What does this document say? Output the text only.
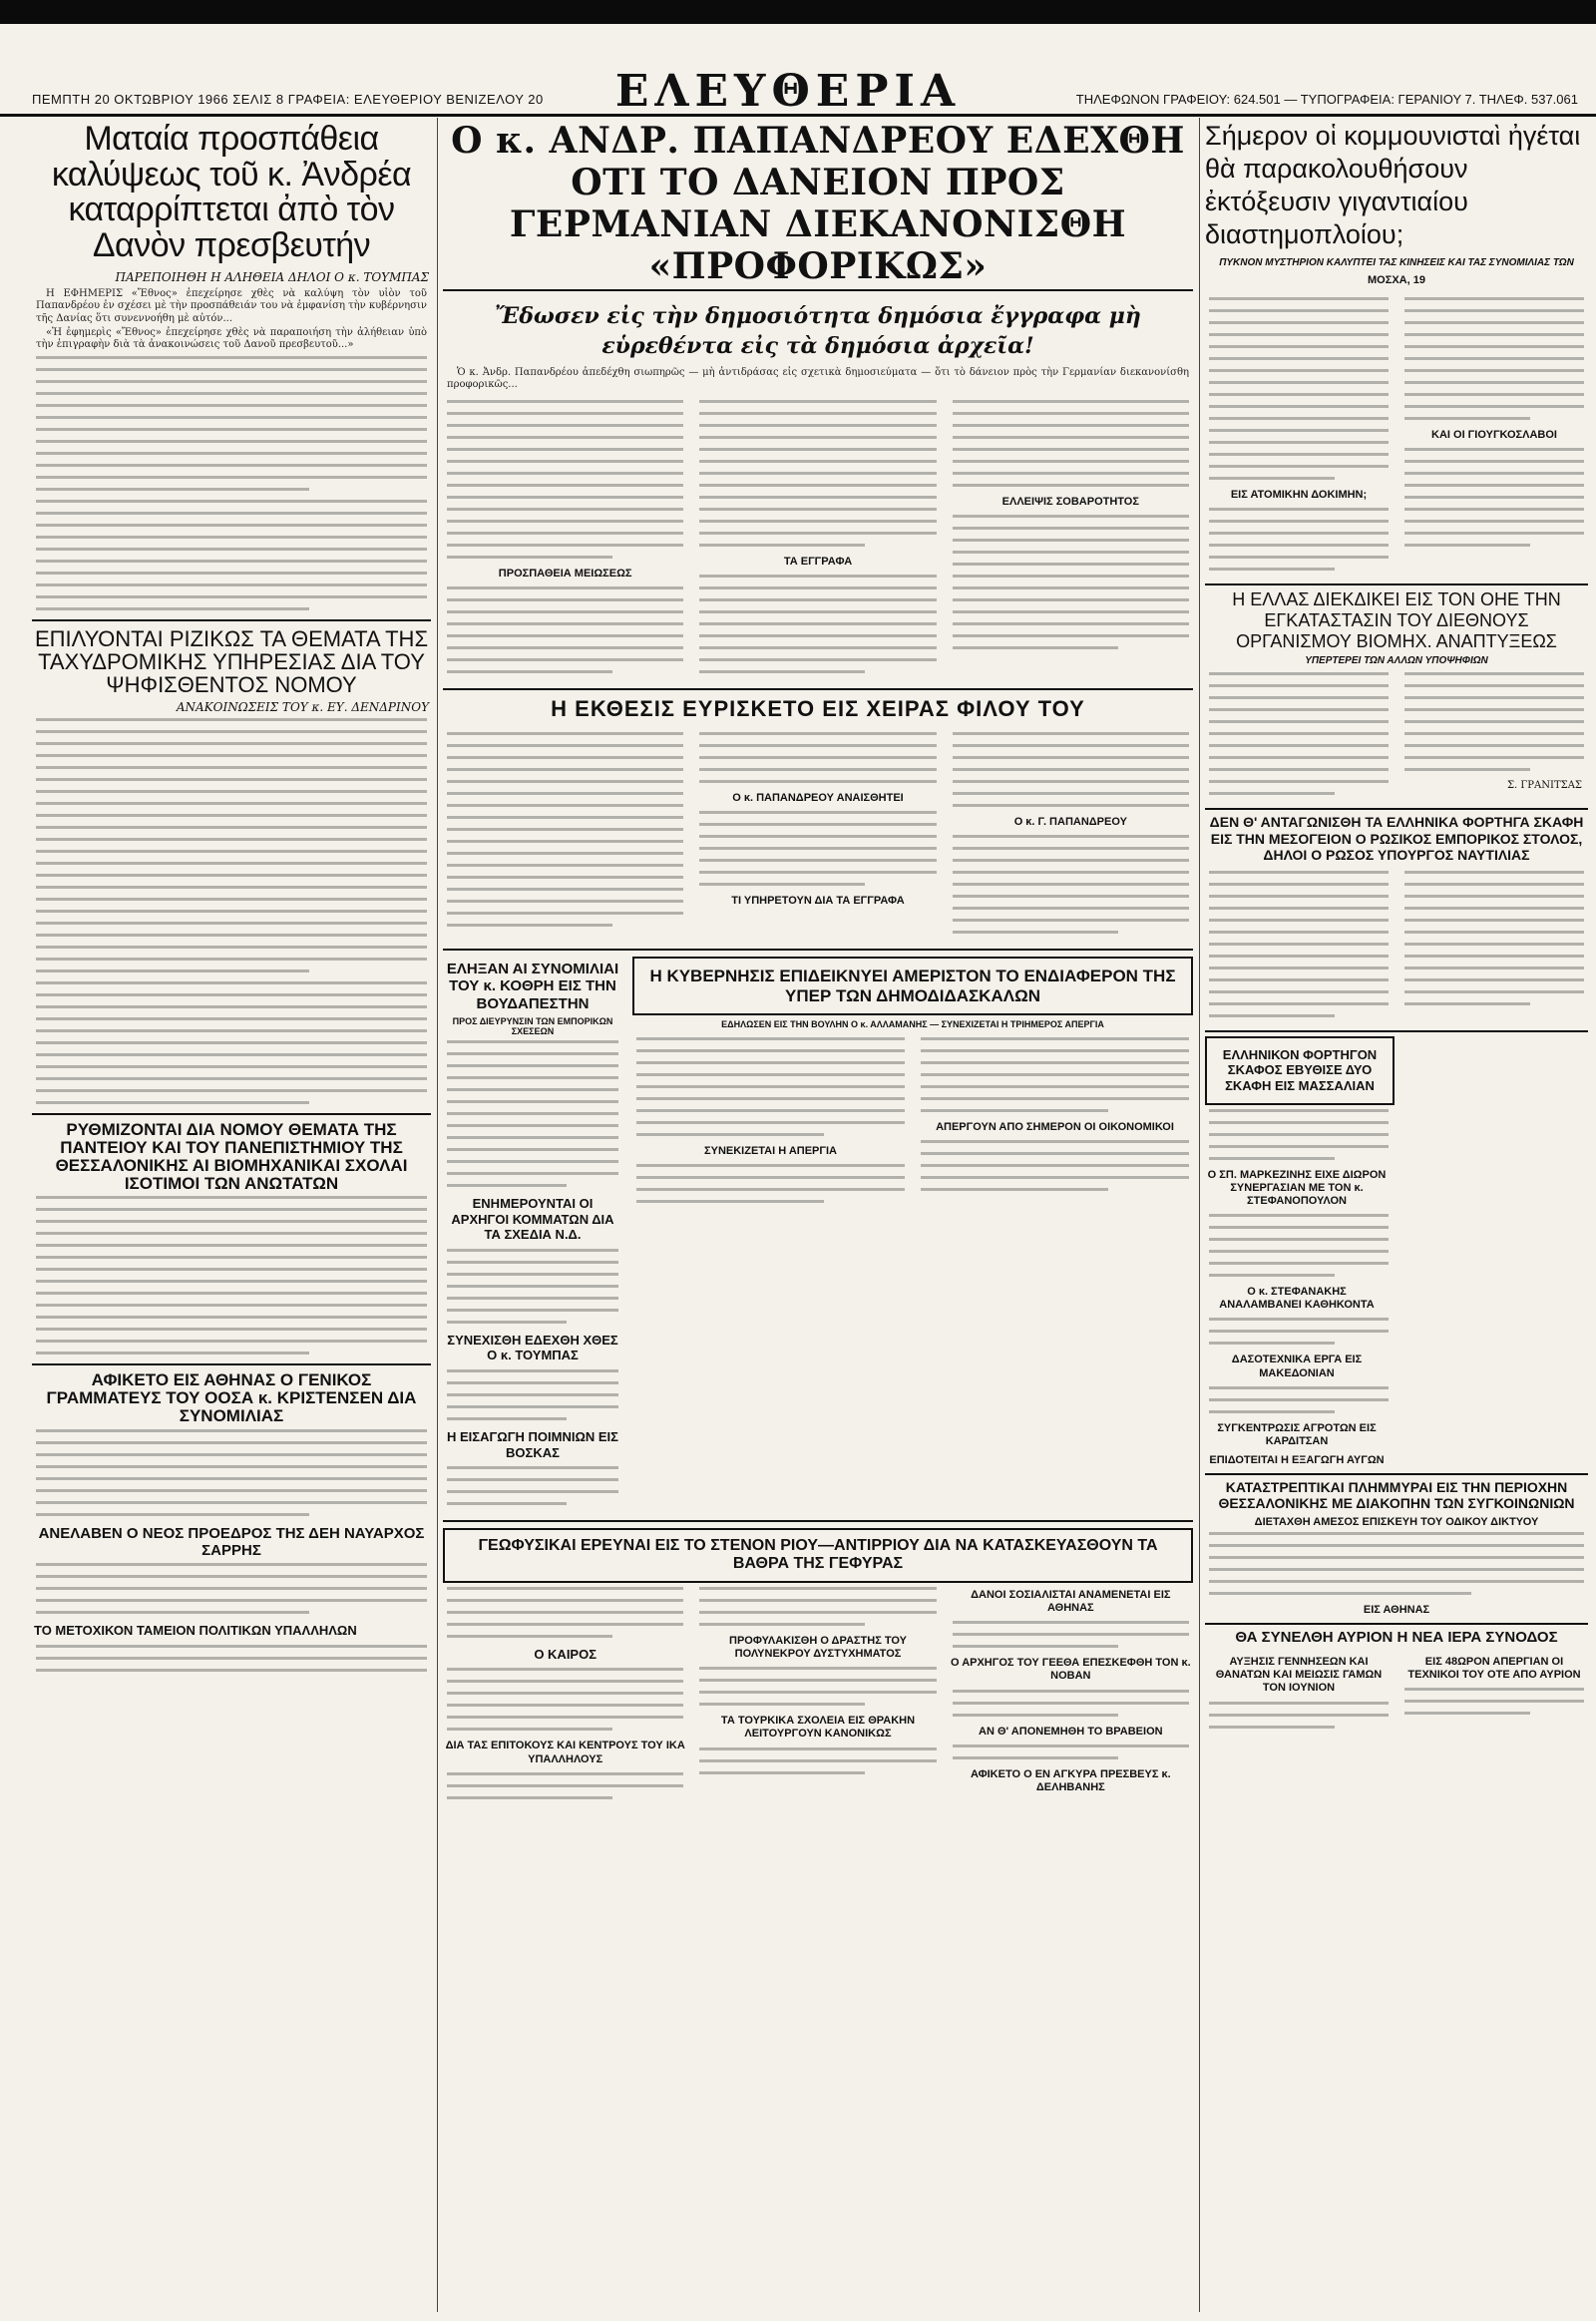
ΠΕΜΠΤΗ 20 ΟΚΤΩΒΡΙΟΥ 1966 ΣΕΛΙΣ 8 ΓΡΑΦΕΙΑ: ΕΛΕΥΘΕΡΙΟΥ ΒΕΝΙΖΕΛΟΥ 20	ΕΛΕΥΘΕΡΙΑ	ΤΗΛΕΦΩΝΟΝ ΓΡΑΦΕΙΟΥ: 624.501 — ΤΥΠΟΓΡΑΦΕΙΑ: ΓΕΡΑΝΙΟΥ 7. ΤΗΛΕΦ. 537.061
Mαταία προσπάθεια καλύψεως τοῦ κ. Ἀνδρέα καταρρίπτεται ἀπὸ τὸν Δανὸν πρεσβευτήν
ΠΑΡΕΠΟΙΗΘΗ Η ΑΛΗΘΕΙΑ ΔΗΛΟΙ Ο κ. ΤΟΥΜΠΑΣ

Η ΕΦΗΜΕΡΙΣ «Ἔθνος» ἐπεχείρησε χθὲς νὰ καλύψη τὸν υἱὸν τοῦ Παπανδρέου ἐν σχέσει μὲ τὴν προσπάθειάν του νὰ ἐμφανίση τὴν κυβέρνησιν τῆς Δανίας ὅτι συνεννοήθη μὲ αὐτόν...

«Ἡ ἐφημερὶς «Ἔθνος» ἐπεχείρησε χθὲς νὰ παραποιήση τὴν ἀλήθειαν ὑπὸ τὴν ἐπιγραφὴν διὰ τὰ ἀνακοινώσεις τοῦ Δανοῦ πρεσβευτοῦ...»

ΕΠΙΛΥΟΝΤΑΙ ΡΙΖΙΚΩΣ ΤΑ ΘΕΜΑΤΑ ΤΗΣ ΤΑΧΥΔΡΟΜΙΚΗΣ ΥΠΗΡΕΣΙΑΣ ΔΙΑ ΤΟΥ ΨΗΦΙΣΘΕΝΤΟΣ ΝΟΜΟΥ
ΑΝΑΚΟΙΝΩΣΕΙΣ ΤΟΥ κ. ΕΥ. ΔΕΝΔΡΙΝΟΥ
ΡΥΘΜΙΖΟΝΤΑΙ ΔΙΑ ΝΟΜΟΥ ΘΕΜΑΤΑ ΤΗΣ ΠΑΝΤΕΙΟΥ ΚΑΙ ΤΟΥ ΠΑΝΕΠΙΣΤΗΜΙΟΥ ΤΗΣ ΘΕΣΣΑΛΟΝΙΚΗΣ ΑΙ ΒΙΟΜΗΧΑΝΙΚΑΙ ΣΧΟΛΑΙ ΙΣΟΤΙΜΟΙ ΤΩΝ ΑΝΩΤΑΤΩΝ
ΑΦΙΚΕΤΟ ΕΙΣ ΑΘΗΝΑΣ Ο ΓΕΝΙΚΟΣ ΓΡΑΜΜΑΤΕΥΣ ΤΟΥ ΟΟΣΑ κ. ΚΡΙΣΤΕΝΣΕΝ ΔΙΑ ΣΥΝΟΜΙΛΙΑΣ
ΑΝΕΛΑΒΕΝ Ο ΝΕΟΣ ΠΡΟΕΔΡΟΣ ΤΗΣ ΔΕΗ ΝΑΥΑΡΧΟΣ ΣΑΡΡΗΣ
ΤΟ ΜΕΤΟΧΙΚΟΝ ΤΑΜΕΙΟΝ ΠΟΛΙΤΙΚΩΝ ΥΠΑΛΛΗΛΩΝ
Ο κ. ΑΝΔΡ. ΠΑΠΑΝΔΡΕΟΥ ΕΔΕΧΘΗ ΟΤΙ ΤΟ ΔΑΝΕΙΟΝ ΠΡΟΣ ΓΕΡΜΑΝΙΑΝ ΔΙΕΚΑΝΟΝΙΣΘΗ «ΠΡΟΦΟΡΙΚΩΣ»
Ἔδωσεν εἰς τὴν δημοσιότητα δημόσια ἔγγραφα μὴ εὑρεθέντα εἰς τὰ δημόσια ἀρχεῖα!

Ὁ κ. Ἀνδρ. Παπανδρέου ἀπεδέχθη σιωπηρῶς — μὴ ἀντιδράσας εἰς σχετικὰ δημοσιεύματα — ὅτι τὸ δάνειον πρὸς τὴν Γερμανίαν διεκανονίσθη προφορικῶς...

ΠΡΟΣΠΑΘΕΙΑ ΜΕΙΩΣΕΩΣ
ΤΑ ΕΓΓΡΑΦΑ
ΕΛΛΕΙΨΙΣ ΣΟΒΑΡΟΤΗΤΟΣ
Η ΕΚΘΕΣΙΣ ΕΥΡΙΣΚΕΤΟ ΕΙΣ ΧΕΙΡΑΣ ΦΙΛΟΥ ΤΟΥ
Ο κ. ΠΑΠΑΝΔΡΕΟΥ ΑΝΑΙΣΘΗΤΕΙ
ΤΙ ΥΠΗΡΕΤΟΥΝ ΔΙΑ ΤΑ ΕΓΓΡΑΦΑ
Ο κ. Γ. ΠΑΠΑΝΔΡΕΟΥ
ΕΛΗΞΑΝ ΑΙ ΣΥΝΟΜΙΛΙΑΙ ΤΟΥ κ. ΚΟΘΡΗ ΕΙΣ ΤΗΝ ΒΟΥΔΑΠΕΣΤΗΝ
ΠΡΟΣ ΔΙΕΥΡΥΝΣΙΝ ΤΩΝ ΕΜΠΟΡΙΚΩΝ ΣΧΕΣΕΩΝ
ΕΝΗΜΕΡΟΥΝΤΑΙ ΟΙ ΑΡΧΗΓΟΙ ΚΟΜΜΑΤΩΝ ΔΙΑ ΤΑ ΣΧΕΔΙΑ Ν.Δ.
ΣΥΝΕΧΙΣΘΗ ΕΔΕΧΘΗ ΧΘΕΣ Ο κ. ΤΟΥΜΠΑΣ
Η ΕΙΣΑΓΩΓΗ ΠΟΙΜΝΙΩΝ ΕΙΣ ΒΟΣΚΑΣ
Η ΚΥΒΕΡΝΗΣΙΣ ΕΠΙΔΕΙΚΝΥΕΙ ΑΜΕΡΙΣΤΟΝ ΤΟ ΕΝΔΙΑΦΕΡΟΝ ΤΗΣ ΥΠΕΡ ΤΩΝ ΔΗΜΟΔΙΔΑΣΚΑΛΩΝ
ΕΔΗΛΩΣΕΝ ΕΙΣ ΤΗΝ ΒΟΥΛΗΝ Ο κ. ΑΛΛΑΜΑΝΗΣ — ΣΥΝΕΧΙΖΕΤΑΙ Η ΤΡΙΗΜΕΡΟΣ ΑΠΕΡΓΙΑ
ΣΥΝΕΚΙΖΕΤΑΙ Η ΑΠΕΡΓΙΑ
ΑΠΕΡΓΟΥΝ ΑΠΟ ΣΗΜΕΡΟΝ ΟΙ ΟΙΚΟΝΟΜΙΚΟΙ
ΓΕΩΦΥΣΙΚΑΙ ΕΡΕΥΝΑΙ ΕΙΣ ΤΟ ΣΤΕΝΟΝ ΡΙΟΥ—ΑΝΤΙΡΡΙΟΥ ΔΙΑ ΝΑ ΚΑΤΑΣΚΕΥΑΣΘΟΥΝ ΤΑ ΒΑΘΡΑ ΤΗΣ ΓΕΦΥΡΑΣ
Ο ΚΑΙΡΟΣ
ΔΙΑ ΤΑΣ ΕΠΙΤΟΚΟΥΣ ΚΑΙ ΚΕΝΤΡΟΥΣ ΤΟΥ ΙΚΑ ΥΠΑΛΛΗΛΟΥΣ
ΠΡΟΦΥΛΑΚΙΣΘΗ Ο ΔΡΑΣΤΗΣ ΤΟΥ ΠΟΛΥΝΕΚΡΟΥ ΔΥΣΤΥΧΗΜΑΤΟΣ
ΤΑ ΤΟΥΡΚΙΚΑ ΣΧΟΛΕΙΑ ΕΙΣ ΘΡΑΚΗΝ ΛΕΙΤΟΥΡΓΟΥΝ ΚΑΝΟΝΙΚΩΣ
ΔΑΝΟΙ ΣΟΣΙΑΛΙΣΤΑΙ ΑΝΑΜΕΝΕΤΑΙ ΕΙΣ ΑΘΗΝΑΣ
Ο ΑΡΧΗΓΟΣ ΤΟΥ ΓΕΕΘΑ ΕΠΕΣΚΕΦΘΗ ΤΟΝ κ. ΝΟΒΑΝ
ΑΝ Θ' ΑΠΟΝΕΜΗΘΗ ΤΟ ΒΡΑΒΕΙΟΝ
ΑΦΙΚΕΤΟ Ο ΕΝ ΑΓΚΥΡΑ ΠΡΕΣΒΕΥΣ κ. ΔΕΛΗΒΑΝΗΣ
Σήμερον οἱ κομμουνισταὶ ἠγέται θὰ παρακολουθήσουν ἐκτόξευσιν γιγαντιαίου διαστημοπλοίου;
ΠΥΚΝΟΝ ΜΥΣΤΗΡΙΟΝ ΚΑΛΥΠΤΕΙ ΤΑΣ ΚΙΝΗΣΕΙΣ ΚΑΙ ΤΑΣ ΣΥΝΟΜΙΛΙΑΣ ΤΩΝ
ΜΟΣΧΑ, 19
ΕΙΣ ΑΤΟΜΙΚΗΝ ΔΟΚΙΜΗΝ;
ΚΑΙ ΟΙ ΓΙΟΥΓΚΟΣΛΑΒΟΙ
Η ΕΛΛΑΣ ΔΙΕΚΔΙΚΕΙ ΕΙΣ ΤΟΝ ΟΗΕ ΤΗΝ ΕΓΚΑΤΑΣΤΑΣΙΝ ΤΟΥ ΔΙΕΘΝΟΥΣ ΟΡΓΑΝΙΣΜΟΥ ΒΙΟΜΗΧ. ΑΝΑΠΤΥΞΕΩΣ
ΥΠΕΡΤΕΡΕΙ ΤΩΝ ΑΛΛΩΝ ΥΠΟΨΗΦΙΩΝ
Σ. ΓΡΑΝΙΤΣΑΣ
ΔΕΝ Θ' ΑΝΤΑΓΩΝΙΣΘΗ ΤΑ ΕΛΛΗΝΙΚΑ ΦΟΡΤΗΓΑ ΣΚΑΦΗ ΕΙΣ ΤΗΝ ΜΕΣΟΓΕΙΟΝ Ο ΡΩΣΙΚΟΣ ΕΜΠΟΡΙΚΟΣ ΣΤΟΛΟΣ, ΔΗΛΟΙ Ο ΡΩΣΟΣ ΥΠΟΥΡΓΟΣ ΝΑΥΤΙΛΙΑΣ
ΕΛΛΗΝΙΚΟΝ ΦΟΡΤΗΓΟΝ ΣΚΑΦΟΣ ΕΒΥΘΙΣΕ ΔΥΟ ΣΚΑΦΗ ΕΙΣ ΜΑΣΣΑΛΙΑΝ
Ο ΣΠ. ΜΑΡΚΕΖΙΝΗΣ ΕΙΧΕ ΔΙΩΡΟΝ ΣΥΝΕΡΓΑΣΙΑΝ ΜΕ ΤΟΝ κ. ΣΤΕΦΑΝΟΠΟΥΛΟΝ
Ο κ. ΣΤΕΦΑΝΑΚΗΣ ΑΝΑΛΑΜΒΑΝΕΙ ΚΑΘΗΚΟΝΤΑ
ΔΑΣΟΤΕΧΝΙΚΑ ΕΡΓΑ ΕΙΣ ΜΑΚΕΔΟΝΙΑΝ
ΣΥΓΚΕΝΤΡΩΣΙΣ ΑΓΡΟΤΩΝ ΕΙΣ ΚΑΡΔΙΤΣΑΝ
ΕΠΙΔΟΤΕΙΤΑΙ Η ΕΞΑΓΩΓΗ ΑΥΓΩΝ
ΚΑΤΑΣΤΡΕΠΤΙΚΑΙ ΠΛΗΜΜΥΡΑΙ ΕΙΣ ΤΗΝ ΠΕΡΙΟΧΗΝ ΘΕΣΣΑΛΟΝΙΚΗΣ ΜΕ ΔΙΑΚΟΠΗΝ ΤΩΝ ΣΥΓΚΟΙΝΩΝΙΩΝ
ΔΙΕΤΑΧΘΗ ΑΜΕΣΟΣ ΕΠΙΣΚΕΥΗ ΤΟΥ ΟΔΙΚΟΥ ΔΙΚΤΥΟΥ
ΕΙΣ ΑΘΗΝΑΣ
ΘΑ ΣΥΝΕΛΘΗ ΑΥΡΙΟΝ Η ΝΕΑ ΙΕΡΑ ΣΥΝΟΔΟΣ
ΑΥΞΗΣΙΣ ΓΕΝΝΗΣΕΩΝ ΚΑΙ ΘΑΝΑΤΩΝ ΚΑΙ ΜΕΙΩΣΙΣ ΓΑΜΩΝ ΤΟΝ ΙΟΥΝΙΟΝ
ΕΙΣ 48ΩΡΟΝ ΑΠΕΡΓΙΑΝ ΟΙ ΤΕΧΝΙΚΟΙ ΤΟΥ ΟΤΕ ΑΠΟ ΑΥΡΙΟΝ
